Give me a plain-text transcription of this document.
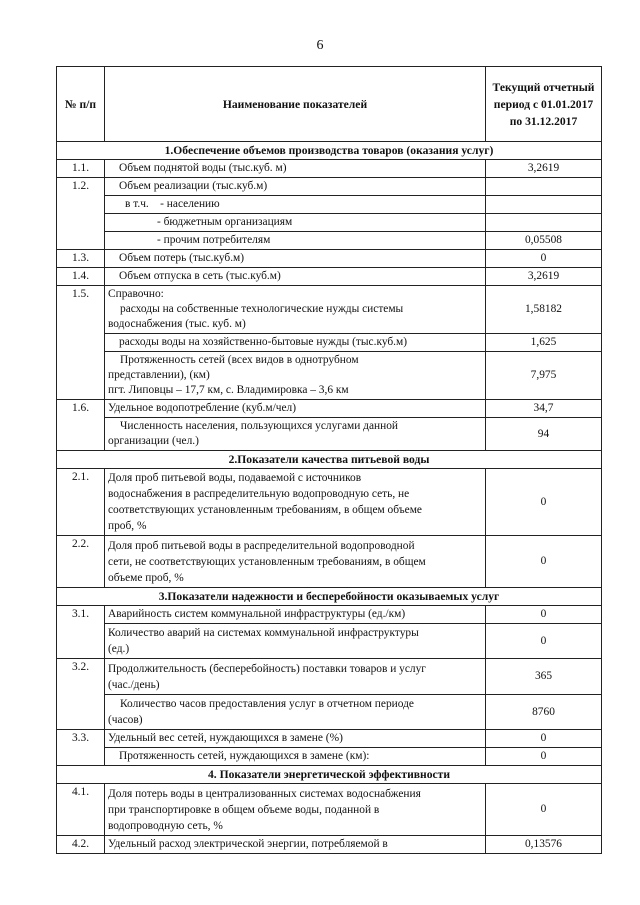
6
№ п/п	Наименование показателей	Текущий отчетный период с 01.01.2017 по 31.12.2017
1.Обеспечение объемов производства товаров (оказания услуг)		
1.1.	Объем поднятой воды (тыс.куб. м)	3,2619
1.2.	Объем реализации (тыс.куб.м)	
	в т.ч.    - населению	
	- бюджетным организациям	
	- прочим потребителям	0,05508
1.3.	Объем потерь (тыс.куб.м)	0
1.4.	Объем отпуска в сеть (тыс.куб.м)	3,2619
1.5.	Справочно:
расходы на собственные технологические нужды системы
водоснабжения (тыс. куб. м)	1,58182
	расходы воды на хозяйственно-бытовые нужды (тыс.куб.м)	1,625

	Протяженность сетей (всех видов в однотрубном
представлении), (км)
пгт. Липовцы – 17,7 км, с. Владимировка – 3,6 км	7,975
1.6.	Удельное водопотребление (куб.м/чел)	34,7

	Численность населения, пользующихся услугами данной
организации (чел.)	94
2.Показатели качества питьевой воды		
2.1.	Доля проб питьевой воды, подаваемой с источников
водоснабжения в распределительную водопроводную сеть, не
соответствующих установленным требованиям, в общем объеме
проб, %	0
2.2.	Доля проб питьевой воды в распределительной водопроводной
сети, не соответствующих установленным требованиям, в общем
объеме проб, %	0
3.Показатели надежности и бесперебойности оказываемых услуг		
3.1.	Аварийность систем коммунальной инфраструктуры (ед./км)	0

	Количество аварий на системах коммунальной инфраструктуры
(ед.)	0
3.2.	Продолжительность (бесперебойность) поставки товаров и услуг
(час./день)	365

	Количество часов предоставления услуг в отчетном периоде
(часов)	8760
3.3.	Удельный вес сетей, нуждающихся в замене (%)	0
	Протяженность сетей, нуждающихся в замене (км):	0
4. Показатели энергетической эффективности		
4.1.	Доля потерь воды в централизованных системах водоснабжения
при транспортировке в общем объеме воды, поданной в
водопроводную сеть, %	0
4.2.	Удельный расход электрической энергии, потребляемой в	0,13576
